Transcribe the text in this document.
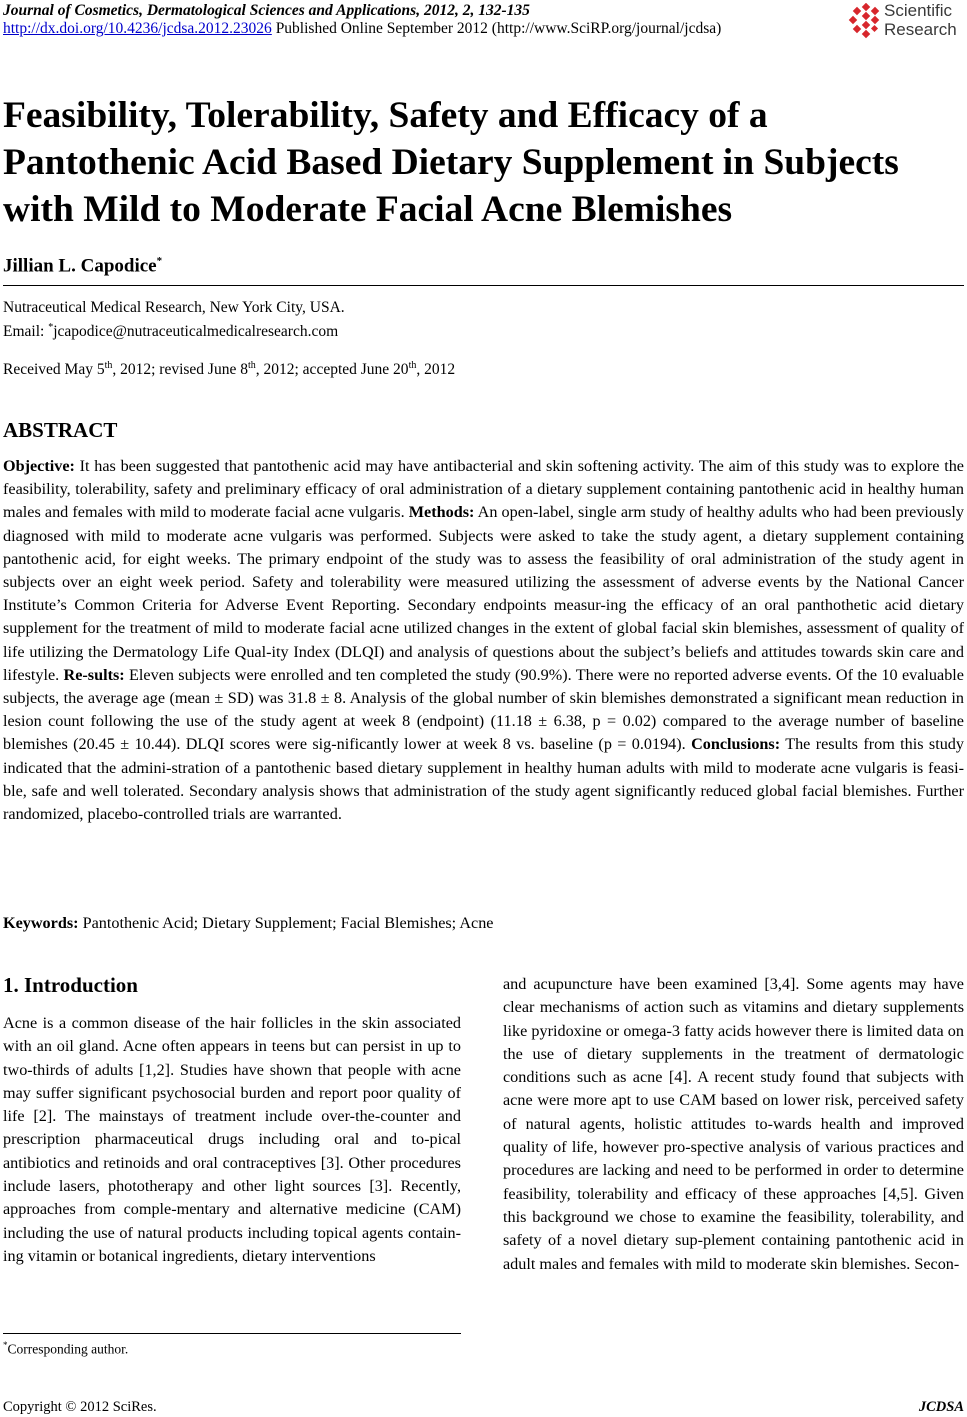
Journal of Cosmetics, Dermatological Sciences and Applications, 2012, 2, 132-135
http://dx.doi.org/10.4236/jcdsa.2012.23026 Published Online September 2012 (http://www.SciRP.org/journal/jcdsa)
Scientific
Research
Feasibility, Tolerability, Safety and Efficacy of a Pantothenic Acid Based Dietary Supplement in Subjects with Mild to Moderate Facial Acne Blemishes
Jillian L. Capodice*
Nutraceutical Medical Research, New York City, USA.
Email: *jcapodice@nutraceuticalmedicalresearch.com
Received May 5th, 2012; revised June 8th, 2012; accepted June 20th, 2012
ABSTRACT

Objective: It has been suggested that pantothenic acid may have antibacterial and skin softening activity. The aim of this study was to explore the feasibility, tolerability, safety and preliminary efficacy of oral administration of a dietary supplement containing pantothenic acid in healthy human males and females with mild to moderate facial acne vulgaris. Methods: An open-label, single arm study of healthy adults who had been previously diagnosed with mild to moderate acne vulgaris was performed. Subjects were asked to take the study agent, a dietary supplement containing pantothenic acid, for eight weeks. The primary endpoint of the study was to assess the feasibility of oral administration of the study agent in subjects over an eight week period. Safety and tolerability were measured utilizing the assessment of adverse events by the National Cancer Institute’s Common Criteria for Adverse Event Reporting. Secondary endpoints measur-ing the efficacy of an oral panthothetic acid dietary supplement for the treatment of mild to moderate facial acne utilized changes in the extent of global facial skin blemishes, assessment of quality of life utilizing the Dermatology Life Qual-ity Index (DLQI) and analysis of questions about the subject’s beliefs and attitudes towards skin care and lifestyle. Re-sults: Eleven subjects were enrolled and ten completed the study (90.9%). There were no reported adverse events. Of the 10 evaluable subjects, the average age (mean ± SD) was 31.8 ± 8. Analysis of the global number of skin blemishes demonstrated a significant mean reduction in lesion count following the use of the study agent at week 8 (endpoint) (11.18 ± 6.38, p = 0.02) compared to the average number of baseline blemishes (20.45 ± 10.44). DLQI scores were sig-nificantly lower at week 8 vs. baseline (p = 0.0194). Conclusions: The results from this study indicated that the admini-stration of a pantothenic based dietary supplement in healthy human adults with mild to moderate acne vulgaris is feasi-ble, safe and well tolerated. Secondary analysis shows that administration of the study agent significantly reduced global facial blemishes. Further randomized, placebo-controlled trials are warranted.

Keywords: Pantothenic Acid; Dietary Supplement; Facial Blemishes; Acne

1. Introduction

Acne is a common disease of the hair follicles in the skin associated with an oil gland. Acne often appears in teens but can persist in up to two-thirds of adults [1,2]. Studies have shown that people with acne may suffer significant psychosocial burden and report poor quality of life [2]. The mainstays of treatment include over-the-counter and prescription pharmaceutical drugs including oral and to-pical antibiotics and retinoids and oral contraceptives [3]. Other procedures include lasers, phototherapy and other light sources [3]. Recently, approaches from comple-mentary and alternative medicine (CAM) including the use of natural products including topical agents contain-ing vitamin or botanical ingredients, dietary interventions

and acupuncture have been examined [3,4]. Some agents may have clear mechanisms of action such as vitamins and dietary supplements like pyridoxine or omega-3 fatty acids however there is limited data on the use of dietary supplements in the treatment of dermatologic conditions such as acne [4]. A recent study found that subjects with acne were more apt to use CAM based on lower risk, perceived safety of natural agents, holistic attitudes to-wards health and improved quality of life, however pro-spective analysis of various practices and procedures are lacking and need to be performed in order to determine feasibility, tolerability and efficacy of these approaches [4,5]. Given this background we chose to examine the feasibility, tolerability, and safety of a novel dietary sup-plement containing pantothenic acid in adult males and females with mild to moderate skin blemishes. Secon-

*Corresponding author.
Copyright © 2012 SciRes.	JCDSA
